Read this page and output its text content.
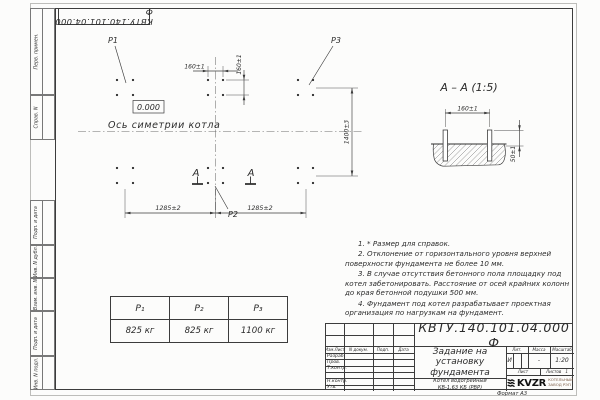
Перв. примен.
Справ. N
Подп. и дата
Инв. N дубл.
Взам. инв. N
Подп. и дата
Инв. N подл.
КВТУ.140.101.04.000 Ф
P1	P3
P2
0.000
Ось симетрии котла
А	А
160±1	160±1
1400±3
1285±2	1285±2
А – А (1:5)
160±1
50±1

1. * Размер для справок.

2. Отклонение от горизонтального уровня верхней поверхности фундамента не более 10 мм.

3. В случае отсутствия бетонного пола площадку под котел забетонировать. Расстояние от осей крайних колонн до края бетонной подушки 500 мм.

4. Фундамент под котел разрабатывает проектная организация по нагрузкам на фундамент.

P₁	P₂	P₃
825 кг	825 кг	1100 кг
Изм.Лист N докум.	Подп.	Дата
Разраб.
Пров.
Т.контр.
Н.контр.
Утв.
КВТУ.140.101.04.000 Ф
Задание на установку фундамента
Котел водогрейный КВ-1,63 КБ (РВР)
Лит.	Масса	Масштаб
И	-	1:20
Лист	Листов 1
KVZR КОТЕЛЬНЫЙ ЗАВОД РЭП
Формат А3
